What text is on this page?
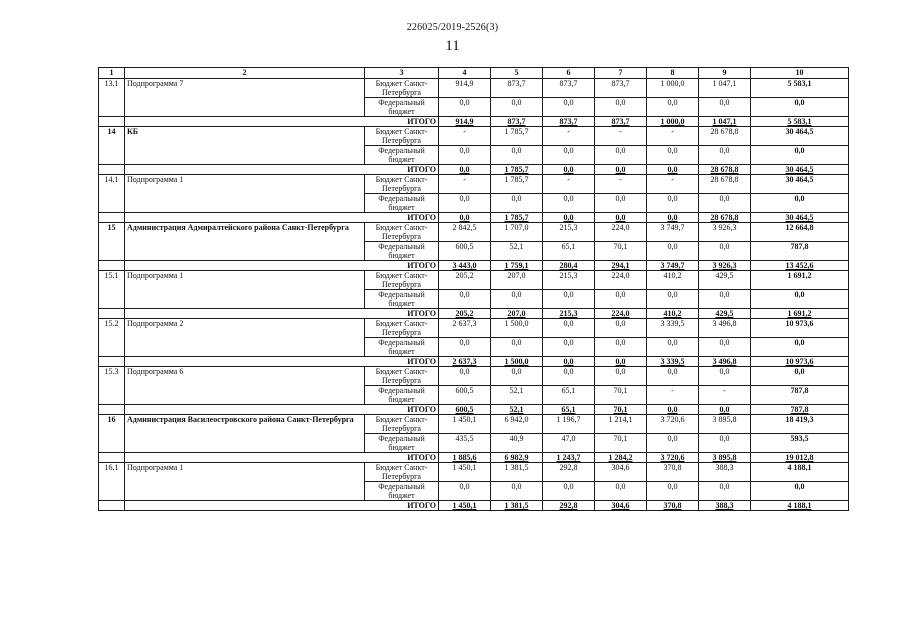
226025/2019-2526(3)
11
1	2	3	4	5	6	7	8	9	10
13.1	Подпрограмма 7	Бюджет Санкт-Петербурга	914,9	873,7	873,7	873,7	1 000,0	1 047,1	5 583,1
		Федеральный бюджет	0,0	0,0	0,0	0,0	0,0	0,0	0,0
	ИТОГО		914,9	873,7	873,7	873,7	1 000,0	1 047,1	5 583,1
14	КБ	Бюджет Санкт-Петербурга	-	1 785,7	-	-	-	28 678,8	30 464,5
		Федеральный бюджет	0,0	0,0	0,0	0,0	0,0	0,0	0,0
	ИТОГО		0,0	1 785,7	0,0	0,0	0,0	28 678,8	30 464,5
14.1	Подпрограмма 1	Бюджет Санкт-Петербурга	-	1 785,7	-	-	-	28 678,8	30 464,5
		Федеральный бюджет	0,0	0,0	0,0	0,0	0,0	0,0	0,0
	ИТОГО		0,0	1 785,7	0,0	0,0	0,0	28 678,8	30 464,5
15	Администрация Адмиралтейского района Санкт-Петербурга	Бюджет Санкт-Петербурга	2 842,5	1 707,0	215,3	224,0	3 749,7	3 926,3	12 664,8
		Федеральный бюджет	600,5	52,1	65,1	70,1	0,0	0,0	787,8
	ИТОГО		3 443,0	1 759,1	280,4	294,1	3 749,7	3 926,3	13 452,6
15.1	Подпрограмма 1	Бюджет Санкт-Петербурга	205,2	207,0	215,3	224,0	410,2	429,5	1 691,2
		Федеральный бюджет	0,0	0,0	0,0	0,0	0,0	0,0	0,0
	ИТОГО		205,2	207,0	215,3	224,0	410,2	429,5	1 691,2
15.2	Подпрограмма 2	Бюджет Санкт-Петербурга	2 637,3	1 500,0	0,0	0,0	3 339,5	3 496,8	10 973,6
		Федеральный бюджет	0,0	0,0	0,0	0,0	0,0	0,0	0,0
	ИТОГО		2 637,3	1 500,0	0,0	0,0	3 339,5	3 496,8	10 973,6
15.3	Подпрограмма 6	Бюджет Санкт-Петербурга	0,0	0,0	0,0	0,0	0,0	0,0	0,0
		Федеральный бюджет	600,5	52,1	65,1	70,1	-	-	787,8
	ИТОГО		600,5	52,1	65,1	70,1	0,0	0,0	787,8
16	Администрация Василеостровского района Санкт-Петербурга	Бюджет Санкт-Петербурга	1 450,1	6 942,0	1 196,7	1 214,1	3 720,6	3 895,8	18 419,3
		Федеральный бюджет	435,5	40,9	47,0	70,1	0,0	0,0	593,5
	ИТОГО		1 885,6	6 982,9	1 243,7	1 284,2	3 720,6	3 895,8	19 012,8
16.1	Подпрограмма 1	Бюджет Санкт-Петербурга	1 450,1	1 381,5	292,8	304,6	370,8	388,3	4 188,1
		Федеральный бюджет	0,0	0,0	0,0	0,0	0,0	0,0	0,0
	ИТОГО		1 450,1	1 381,5	292,8	304,6	370,8	388,3	4 188,1
